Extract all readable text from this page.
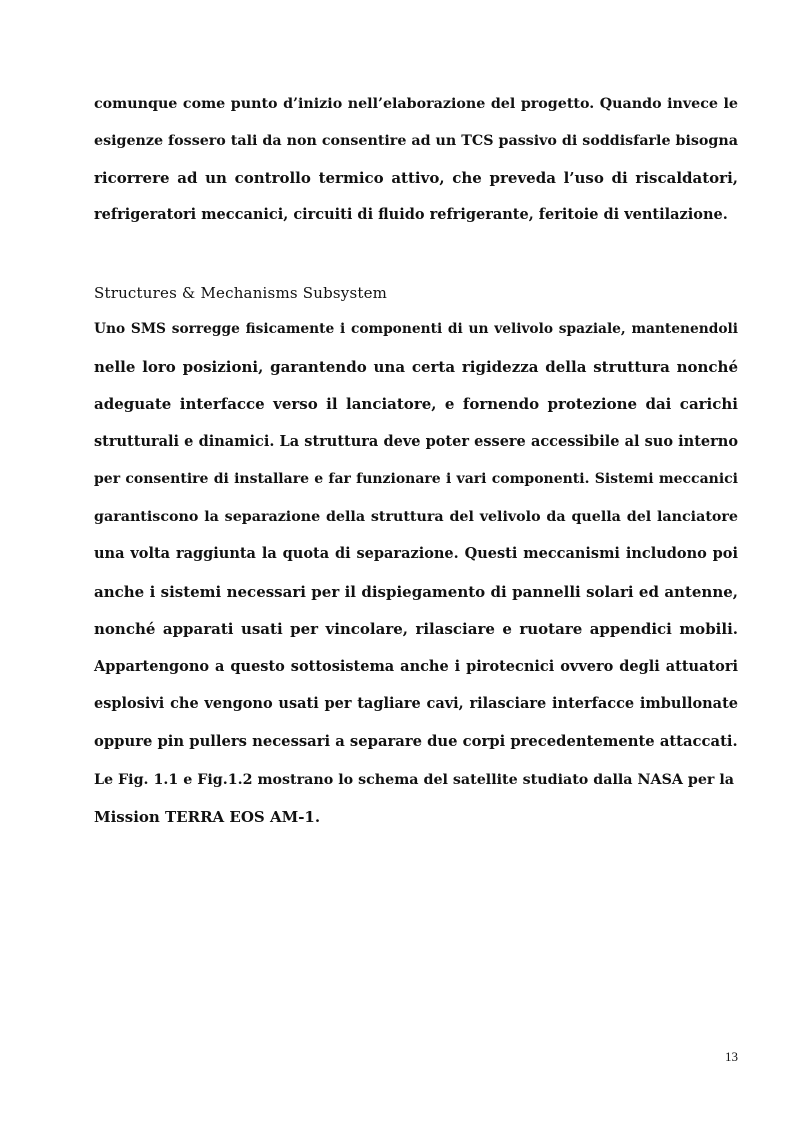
comunque come punto d’inizio nell’elaborazione del progetto. Quando invece le
esigenze fossero tali da non consentire ad un TCS passivo di soddisfarle bisogna
ricorrere ad un controllo termico attivo, che preveda l’uso di riscaldatori,
refrigeratori meccanici, circuiti di fluido refrigerante, feritoie di ventilazione.
Structures & Mechanisms Subsystem
Uno SMS sorregge fisicamente i componenti di un velivolo spaziale, mantenendoli
nelle loro posizioni, garantendo una certa rigidezza della struttura nonché
adeguate interfacce verso il lanciatore, e fornendo protezione dai carichi
strutturali e dinamici. La struttura deve poter essere accessibile al suo interno
per consentire di installare e far funzionare i vari componenti. Sistemi meccanici
garantiscono la separazione della struttura del velivolo da quella del lanciatore
una volta raggiunta la quota di separazione. Questi meccanismi includono poi
anche i sistemi necessari per il dispiegamento di pannelli solari ed antenne,
nonché apparati usati per vincolare, rilasciare e ruotare appendici mobili.
Appartengono a questo sottosistema anche i pirotecnici ovvero degli attuatori
esplosivi che vengono usati per tagliare cavi, rilasciare interfacce imbullonate
oppure pin pullers necessari a separare due corpi precedentemente attaccati.
Le Fig. 1.1 e Fig.1.2 mostrano lo schema del satellite studiato dalla NASA per la
Mission TERRA EOS AM-1.
13
